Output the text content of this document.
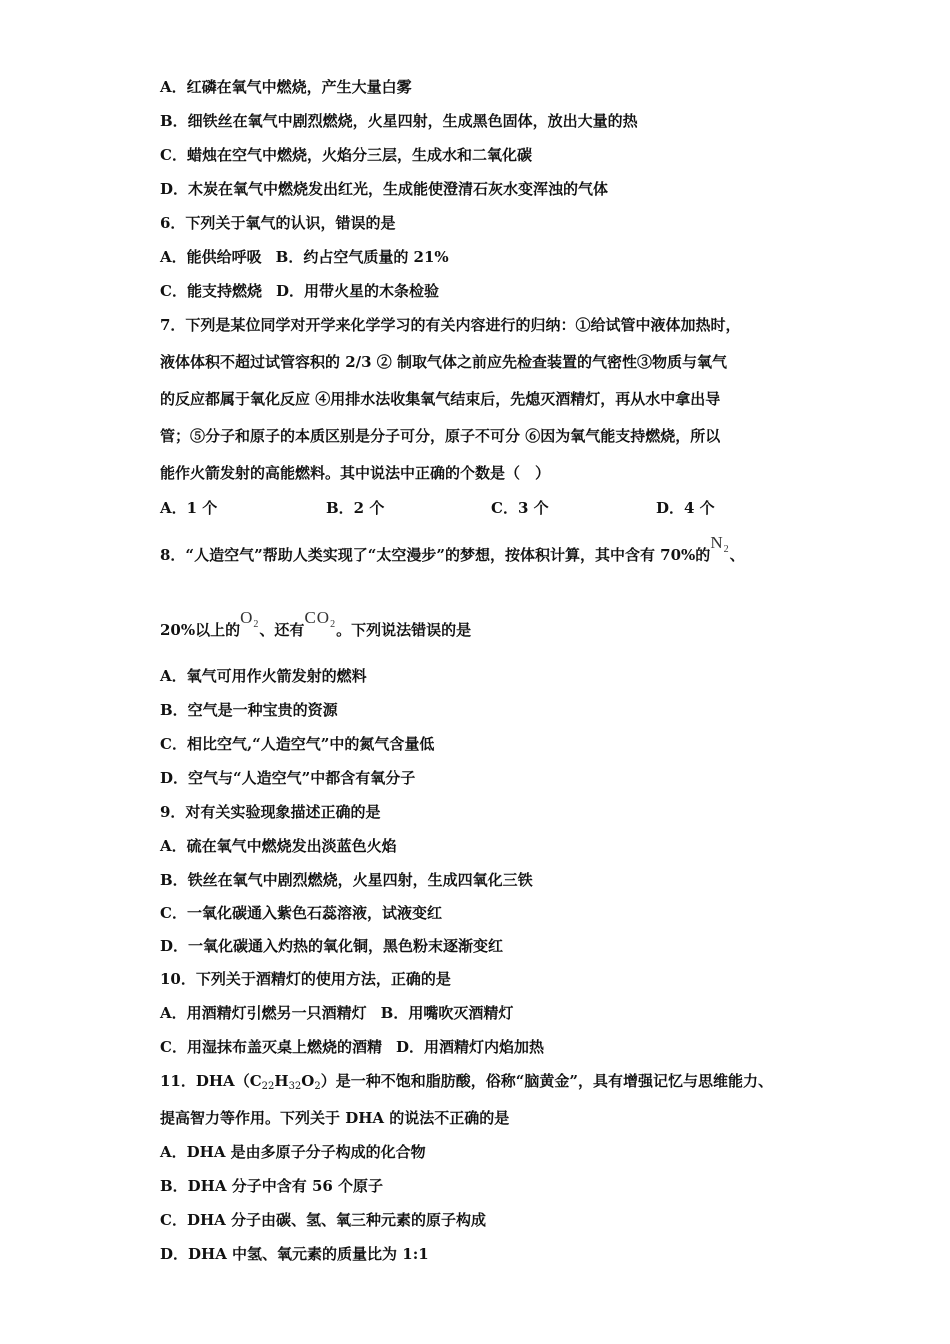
A．红磷在氧气中燃烧，产生大量白雾
B．细铁丝在氧气中剧烈燃烧，火星四射，生成黑色固体，放出大量的热
C．蜡烛在空气中燃烧，火焰分三层，生成水和二氧化碳
D．木炭在氧气中燃烧发出红光，生成能使澄清石灰水变浑浊的气体
6．下列关于氧气的认识，错误的是
A．能供给呼吸 B．约占空气质量的 21%
C．能支持燃烧 D．用带火星的木条检验
7．下列是某位同学对开学来化学学习的有关内容进行的归纳：①给试管中液体加热时，
液体体积不超过试管容积的 2/3 ② 制取气体之前应先检查装置的气密性③物质与氧气
的反应都属于氧化反应 ④用排水法收集氧气结束后，先熄灭酒精灯，再从水中拿出导
管；⑤分子和原子的本质区别是分子可分，原子不可分 ⑥因为氧气能支持燃烧，所以
能作火箭发射的高能燃料。其中说法中正确的个数是（　）
A．1 个	B．2 个	C．3 个	D．4 个
8．“人造空气”帮助人类实现了“太空漫步”的梦想，按体积计算，其中含有 70%的$N_2$、
20%以上的$O_2$、还有$CO_2$。下列说法错误的是
A．氧气可用作火箭发射的燃料
B．空气是一种宝贵的资源
C．相比空气,“人造空气”中的氮气含量低
D．空气与“人造空气”中都含有氧分子
9．对有关实验现象描述正确的是
A．硫在氧气中燃烧发出淡蓝色火焰
B．铁丝在氧气中剧烈燃烧，火星四射，生成四氧化三铁
C．一氧化碳通入紫色石蕊溶液，试液变红
D．一氧化碳通入灼热的氧化铜，黑色粉末逐渐变红
10．下列关于酒精灯的使用方法，正确的是
A．用酒精灯引燃另一只酒精灯 B．用嘴吹灭酒精灯
C．用湿抹布盖灭桌上燃烧的酒精 D．用酒精灯内焰加热
11．$DHA(C_{22}H_{32}O_2)$是一种不饱和脂肪酸，俗称“脑黄金”，具有增强记忆与思维能力、
提高智力等作用。下列关于 DHA 的说法不正确的是
A．DHA 是由多原子分子构成的化合物
B．DHA 分子中含有 56 个原子
C．DHA 分子由碳、氢、氧三种元素的原子构成
D．DHA 中氢、氧元素的质量比为 1:1
